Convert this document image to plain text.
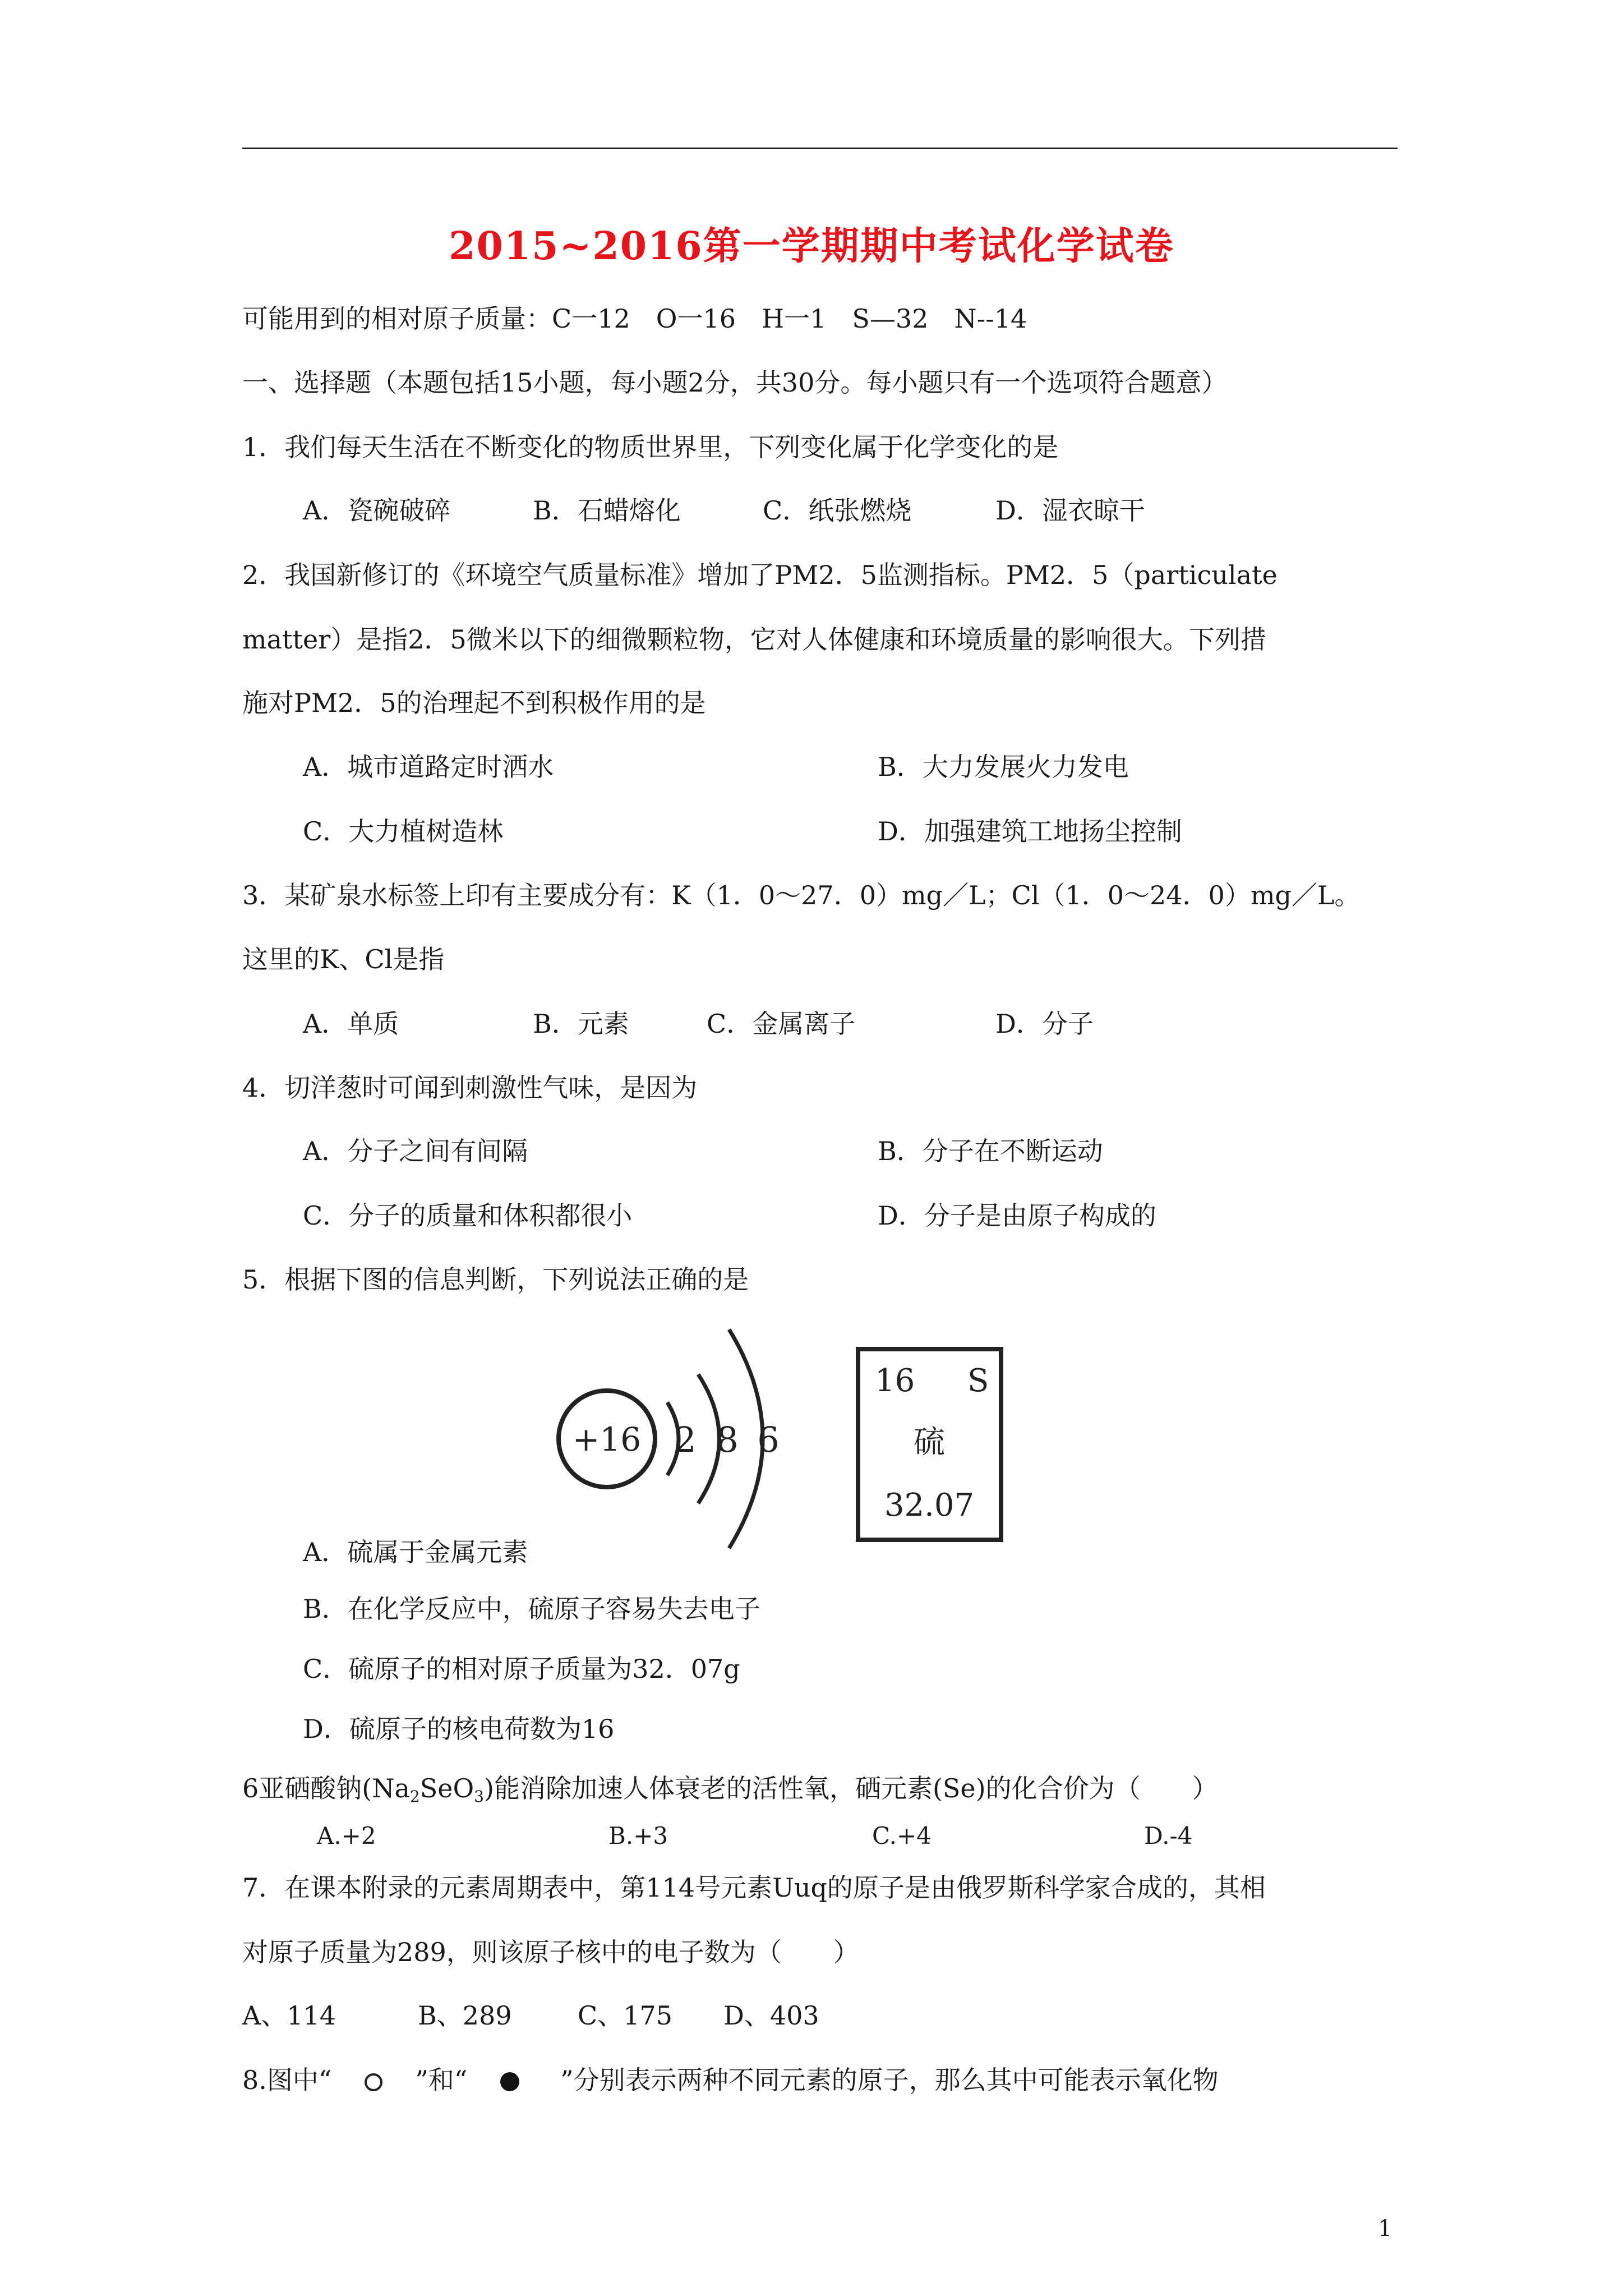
2015~2016第一学期期中考试化学试卷
可能用到的相对原子质量：C一12　O一16　H一1　S—32　N--14
一、选择题（本题包括15小题，每小题2分，共30分。每小题只有一个选项符合题意）
1．我们每天生活在不断变化的物质世界里，下列变化属于化学变化的是
A．瓷碗破碎	B．石蜡熔化	C．纸张燃烧	D．湿衣晾干
2．我国新修订的《环境空气质量标准》增加了PM2．5监测指标。PM2．5（particulate
matter）是指2．5微米以下的细微颗粒物，它对人体健康和环境质量的影响很大。下列措
施对PM2．5的治理起不到积极作用的是
A．城市道路定时洒水	B．大力发展火力发电
C．大力植树造林	D．加强建筑工地扬尘控制
3．某矿泉水标签上印有主要成分有：K（1．0～27．0）mg／L；Cl（1．0～24．0）mg／L。
这里的K、Cl是指
A．单质	B．元素	C．金属离子	D．分子
4．切洋葱时可闻到刺激性气味，是因为
A．分子之间有间隔	B．分子在不断运动
C．分子的质量和体积都很小	D．分子是由原子构成的
5．根据下图的信息判断，下列说法正确的是
+16 2 8 6
16 S
硫
32.07
A．硫属于金属元素
B．在化学反应中，硫原子容易失去电子
C．硫原子的相对原子质量为32．07g
D．硫原子的核电荷数为16
6亚硒酸钠$(Na_2SeO_3)$能消除加速人体衰老的活性氧，硒元素(Se)的化合价为（　　）
A.+2	B.+3	C.+4	D.-4
7．在课本附录的元素周期表中，第114号元素Uuq的原子是由俄罗斯科学家合成的，其相
对原子质量为289，则该原子核中的电子数为（　　）
A、114	B、289	C、175 D、403
8.图中“	”和“	”分别表示两种不同元素的原子，那么其中可能表示氧化物
1
